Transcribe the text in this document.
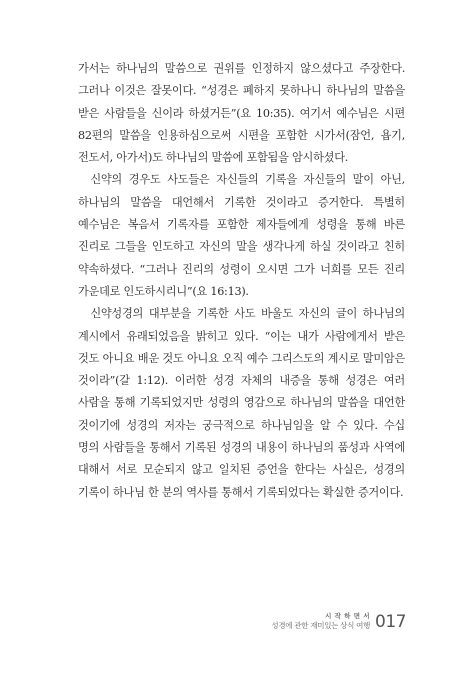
가서는 하나님의 말씀으로 권위를 인정하지 않으셨다고 주장한다. 그러나 이것은 잘못이다. “성경은 폐하지 못하나니 하나님의 말씀을 받은 사람들을 신이라 하셨거든”(요 10:35). 여기서 예수님은 시편 82편의 말씀을 인용하심으로써 시편을 포함한 시가서(잠언, 욥기, 전도서, 아가서)도 하나님의 말씀에 포함됨을 암시하셨다.

신약의 경우도 사도들은 자신들의 기록을 자신들의 말이 아닌, 하나님의 말씀을 대언해서 기록한 것이라고 증거한다. 특별히 예수님은 복음서 기록자를 포함한 제자들에게 성령을 통해 바른 진리로 그들을 인도하고 자신의 말을 생각나게 하실 것이라고 친히 약속하셨다. “그러나 진리의 성령이 오시면 그가 너희를 모든 진리 가운데로 인도하시리니”(요 16:13).

신약성경의 대부분을 기록한 사도 바울도 자신의 글이 하나님의 계시에서 유래되었음을 밝히고 있다. “이는 내가 사람에게서 받은 것도 아니요 배운 것도 아니요 오직 예수 그리스도의 계시로 말미암은 것이라”(갈 1:12). 이러한 성경 자체의 내증을 통해 성경은 여러 사람을 통해 기록되었지만 성령의 영감으로 하나님의 말씀을 대언한 것이기에 성경의 저자는 궁극적으로 하나님임을 알 수 있다. 수십 명의 사람들을 통해서 기록된 성경의 내용이 하나님의 품성과 사역에 대해서 서로 모순되지 않고 일치된 증언을 한다는 사실은, 성경의 기록이 하나님 한 분의 역사를 통해서 기록되었다는 확실한 증거이다.

시 작 하 면 서
성경에 관한 재미있는 상식 여행 017
